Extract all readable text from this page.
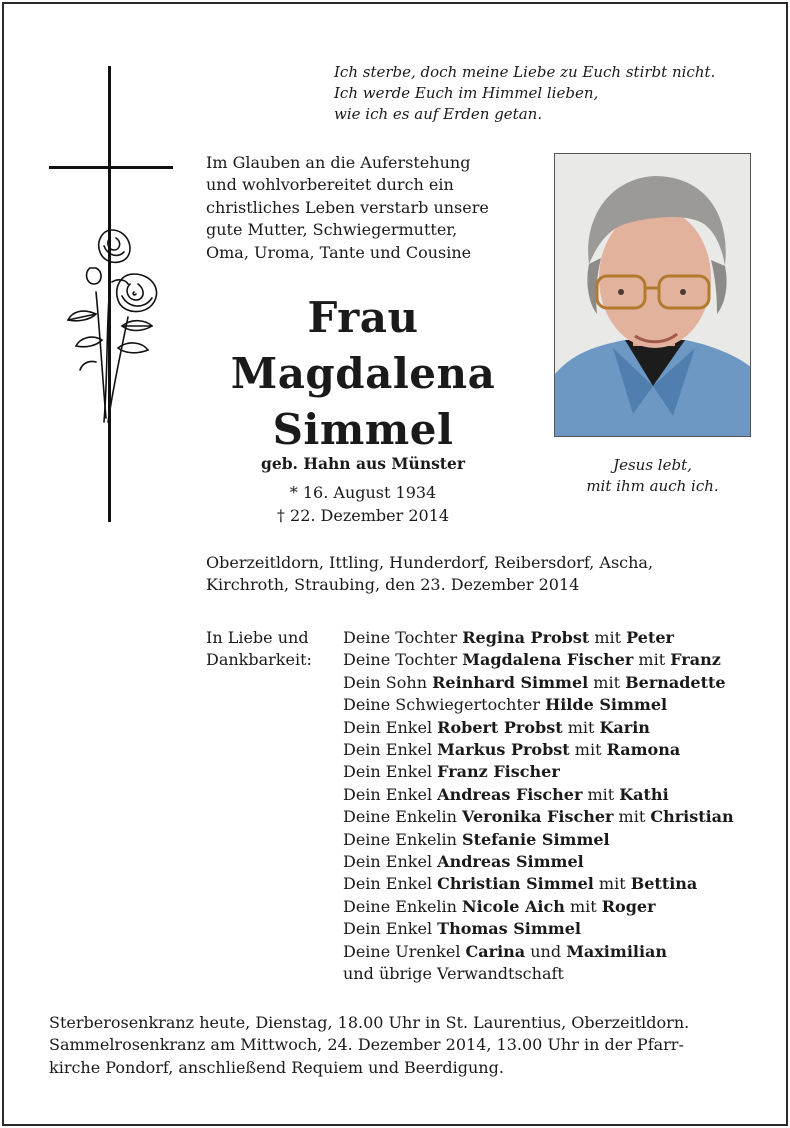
Ich sterbe, doch meine Liebe zu Euch stirbt nicht.
Ich werde Euch im Himmel lieben,
wie ich es auf Erden getan.
Im Glauben an die Auferstehung
und wohlvorbereitet durch ein
christliches Leben verstarb unsere
gute Mutter, Schwiegermutter,
Oma, Uroma, Tante und Cousine
Frau
Magdalena
Simmel
geb. Hahn aus Münster
* 16. August 1934
† 22. Dezember 2014
Jesus lebt,
mit ihm auch ich.
Oberzeitldorn, Ittling, Hunderdorf, Reibersdorf, Ascha,
Kirchroth, Straubing, den 23. Dezember 2014
In Liebe und
Dankbarkeit:
Deine Tochter Regina Probst mit Peter
Deine Tochter Magdalena Fischer mit Franz
Dein Sohn Reinhard Simmel mit Bernadette
Deine Schwiegertochter Hilde Simmel
Dein Enkel Robert Probst mit Karin
Dein Enkel Markus Probst mit Ramona
Dein Enkel Franz Fischer
Dein Enkel Andreas Fischer mit Kathi
Deine Enkelin Veronika Fischer mit Christian
Deine Enkelin Stefanie Simmel
Dein Enkel Andreas Simmel
Dein Enkel Christian Simmel mit Bettina
Deine Enkelin Nicole Aich mit Roger
Dein Enkel Thomas Simmel
Deine Urenkel Carina und Maximilian
und übrige Verwandtschaft
Sterberosenkranz heute, Dienstag, 18.00 Uhr in St. Laurentius, Oberzeitldorn.
Sammelrosenkranz am Mittwoch, 24. Dezember 2014, 13.00 Uhr in der Pfarr-
kirche Pondorf, anschließend Requiem und Beerdigung.
